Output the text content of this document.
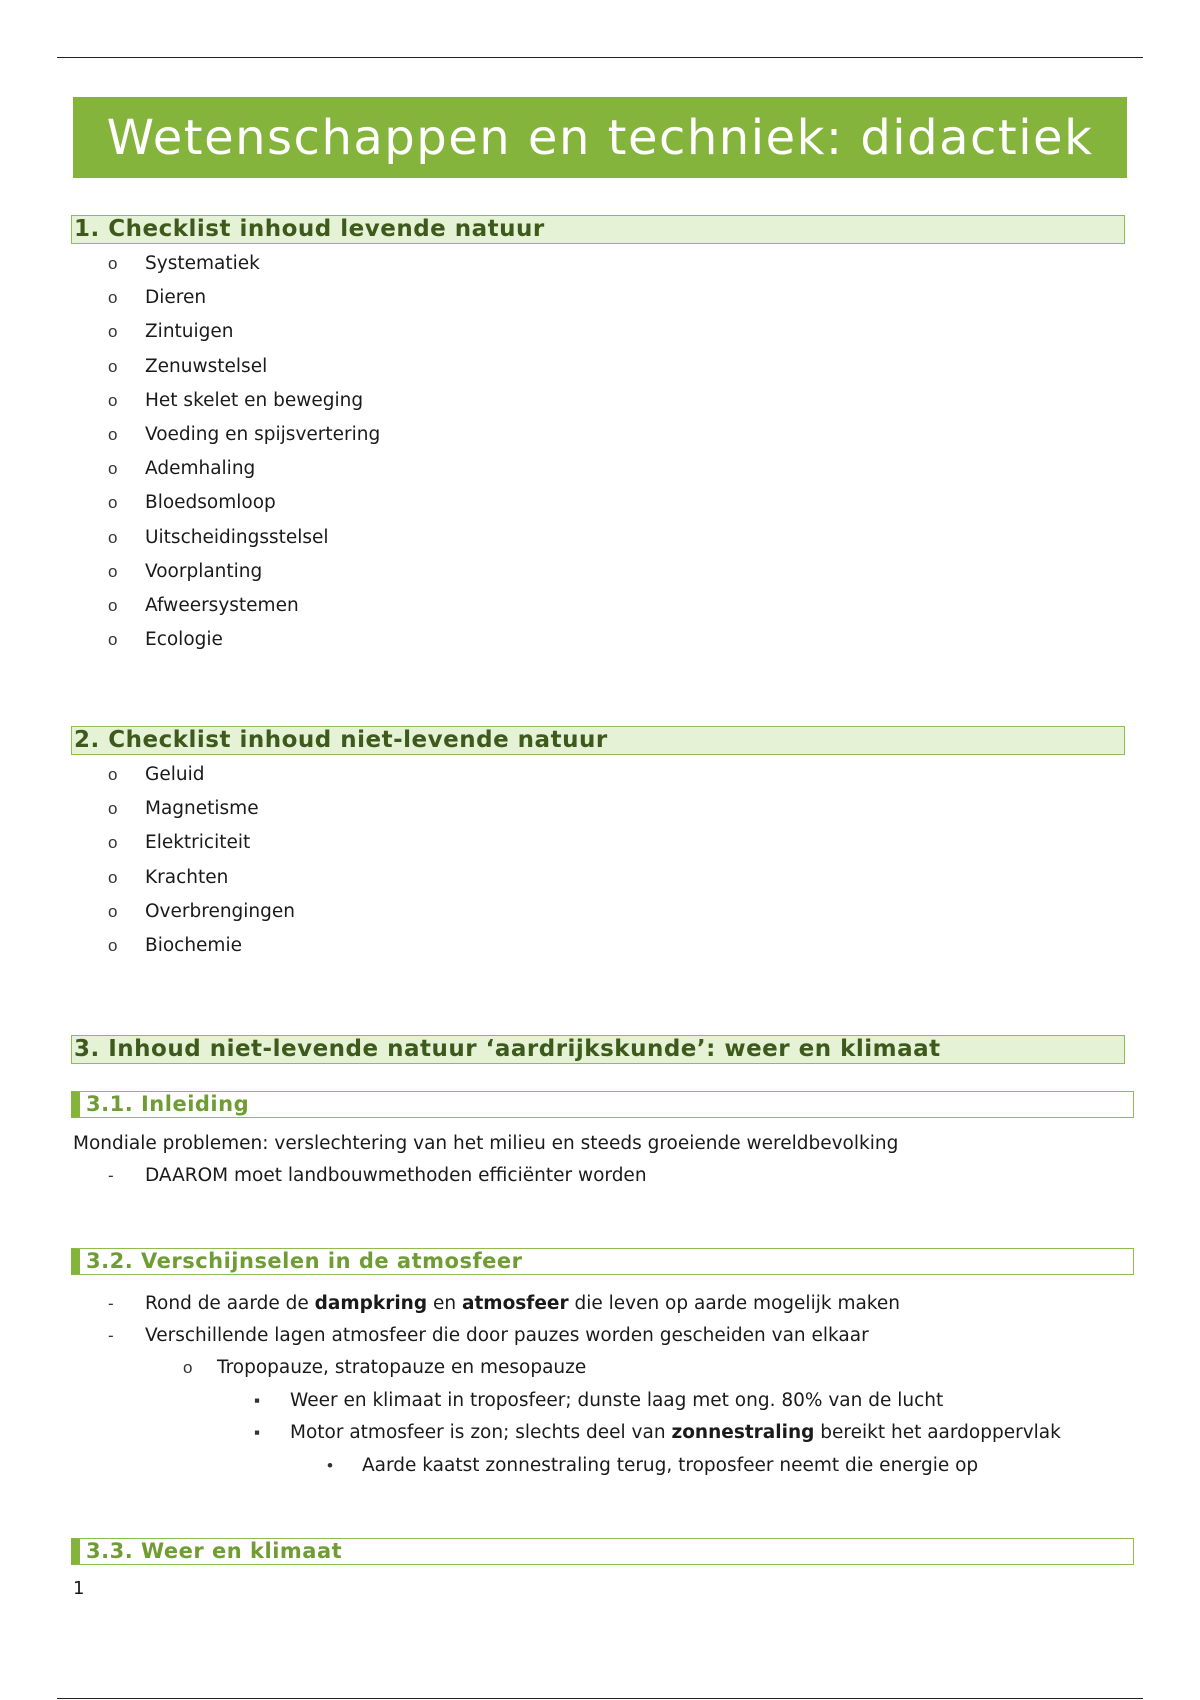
Wetenschappen en techniek: didactiek
1. Checklist inhoud levende natuur
o Systematiek
o Dieren
o Zintuigen
o Zenuwstelsel
o Het skelet en beweging
o Voeding en spijsvertering
o Ademhaling
o Bloedsomloop
o Uitscheidingsstelsel
o Voorplanting
o Afweersystemen
o Ecologie
2. Checklist inhoud niet-levende natuur
o Geluid
o Magnetisme
o Elektriciteit
o Krachten
o Overbrengingen
o Biochemie
3. Inhoud niet-levende natuur ‘aardrijkskunde’: weer en klimaat
3.1. Inleiding
Mondiale problemen: verslechtering van het milieu en steeds groeiende wereldbevolking
- DAAROM moet landbouwmethoden efficiënter worden
3.2. Verschijnselen in de atmosfeer
- Rond de aarde de dampkring en atmosfeer die leven op aarde mogelijk maken
- Verschillende lagen atmosfeer die door pauzes worden gescheiden van elkaar
o Tropopauze, stratopauze en mesopauze
▪ Weer en klimaat in troposfeer; dunste laag met ong. 80% van de lucht
▪ Motor atmosfeer is zon; slechts deel van zonnestraling bereikt het aardoppervlak
• Aarde kaatst zonnestraling terug, troposfeer neemt die energie op
3.3. Weer en klimaat
1
